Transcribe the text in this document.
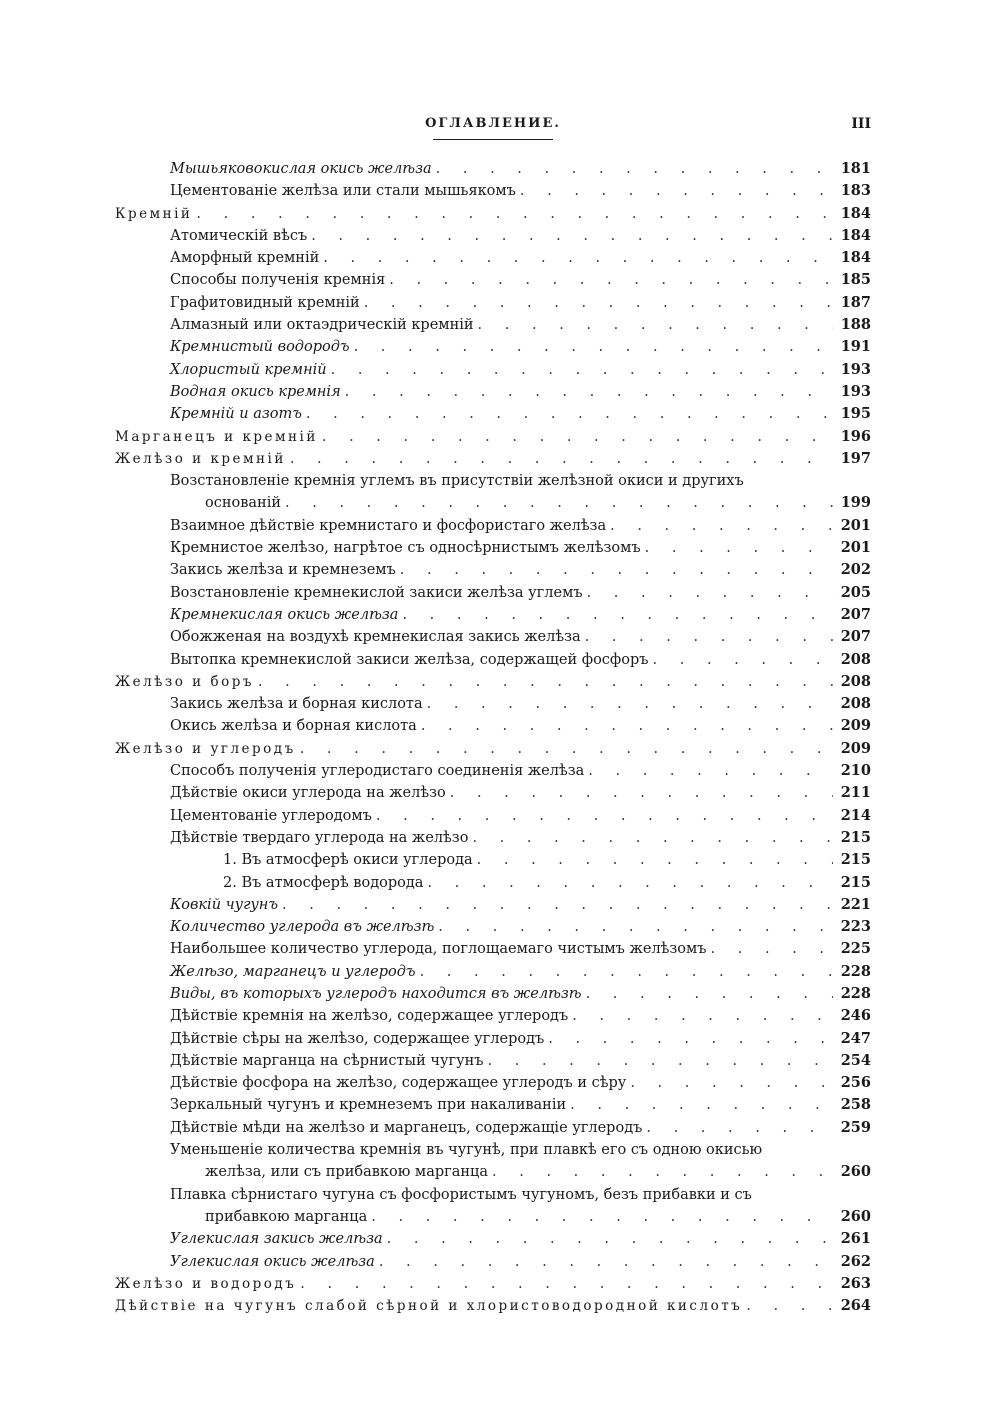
ОГЛАВЛЕНИЕ.	III
Мышьяковокислая окись желѣза . . .	181
Цементованіе желѣза или стали мышьякомъ . . .	183
Кремній . . .	184
Атомическій вѣсъ . . .	184
Аморфный кремній . . .	184
Способы полученія кремнія . . .	185
Графитовидный кремній . . .	187
Алмазный или октаэдрическій кремній . . .	188
Кремнистый водородъ . . .	191
Хлористый кремній . . .	193
Водная окись кремнія . . .	193
Кремній и азотъ . . .	195
Марганецъ и кремній . . .	196
Желѣзо и кремній . . .	197
Возстановленіе кремнія углемъ въ присутствіи желѣзной окиси и другихъ
основаній . . .	199
Взаимное дѣйствіе кремнистаго и фосфористаго желѣза . . .	201
Кремнистое желѣзо, нагрѣтое съ односѣрнистымъ желѣзомъ . . .	201
Закись желѣза и кремнеземъ . . .	202
Возстановленіе кремнекислой закиси желѣза углемъ . . .	205
Кремнекислая окись желѣза . . .	207
Обожженая на воздухѣ кремнекислая закись желѣза . . .	207
Вытопка кремнекислой закиси желѣза, содержащей фосфоръ . . .	208
Желѣзо и боръ . . .	208
Закись желѣза и борная кислота . . .	208
Окись желѣза и борная кислота . . .	209
Желѣзо и углеродъ . . .	209
Способъ полученія углеродистаго соединенія желѣза . . .	210
Дѣйствіе окиси углерода на желѣзо . . .	211
Цементованіе углеродомъ . . .	214
Дѣйствіе твердаго углерода на желѣзо . . .	215
1. Въ атмосферѣ окиси углерода . . .	215
2. Въ атмосферѣ водорода . . .	215
Ковкій чугунъ . . .	221
Количество углерода въ желѣзѣ . . .	223
Наибольшее количество углерода, поглощаемаго чистымъ желѣзомъ . . .	225
Желѣзо, марганецъ и углеродъ . . .	228
Виды, въ которыхъ углеродъ находится въ желѣзѣ . . .	228
Дѣйствіе кремнія на желѣзо, содержащее углеродъ . . .	246
Дѣйствіе сѣры на желѣзо, содержащее углеродъ . . .	247
Дѣйствіе марганца на сѣрнистый чугунъ . . .	254
Дѣйствіе фосфора на желѣзо, содержащее углеродъ и сѣру . . .	256
Зеркальный чугунъ и кремнеземъ при накаливаніи . . .	258
Дѣйствіе мѣди на желѣзо и марганецъ, содержащіе углеродъ . . .	259
Уменьшеніе количества кремнія въ чугунѣ, при плавкѣ его съ одною окисью
желѣза, или съ прибавкою марганца . . .	260
Плавка сѣрнистаго чугуна съ фосфористымъ чугуномъ, безъ прибавки и съ
прибавкою марганца . . .	260
Углекислая закись желѣза . . .	261
Углекислая окись желѣза . . .	262
Желѣзо и водородъ . . .	263
Дѣйствіе на чугунъ слабой сѣрной и хлористоводородной кислотъ . . .	264
